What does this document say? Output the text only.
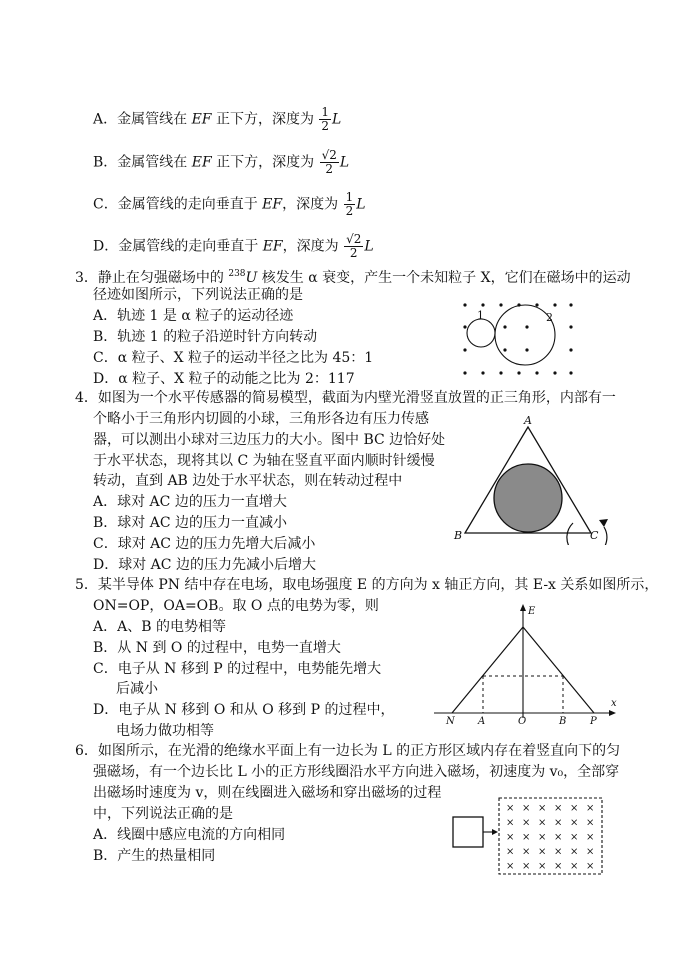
A．金属管线在 EF 正下方，深度为 $\frac{1}{2}$ L
B．金属管线在 EF 正下方，深度为 $\frac{√2}{2}$ L
C．金属管线的走向垂直于 EF，深度为 $\frac{1}{2}$ L
D．金属管线的走向垂直于 EF，深度为 $\frac{√2}{2}$ L
3．静止在匀强磁场中的 $^{238}$U 核发生 α 衰变，产生一个未知粒子 X，它们在磁场中的运动
径迹如图所示，下列说法正确的是
A．轨迹 1 是 α 粒子的运动径迹
B．轨迹 1 的粒子沿逆时针方向转动
C．α 粒子、X 粒子的运动半径之比为 45：1
D．α 粒子、X 粒子的动能之比为 2：117
1	2
4．如图为一个水平传感器的简易模型，截面为内壁光滑竖直放置的正三角形，内部有一
个略小于三角形内切圆的小球，三角形各边有压力传感
器，可以测出小球对三边压力的大小。图中 BC 边恰好处
于水平状态，现将其以 C 为轴在竖直平面内顺时针缓慢
转动，直到 AB 边处于水平状态，则在转动过程中
A．球对 AC 边的压力一直增大
B．球对 AC 边的压力一直减小
C．球对 AC 边的压力先增大后减小
D．球对 AC 边的压力先减小后增大
A
B	C
5．某半导体 PN 结中存在电场，取电场强度 E 的方向为 x 轴正方向，其 E-x 关系如图所示，
ON=OP，OA=OB。取 O 点的电势为零，则
A．A、B 的电势相等
B．从 N 到 O 的过程中，电势一直增大
C．电子从 N 移到 P 的过程中，电势能先增大
后减小
D．电子从 N 移到 O 和从 O 移到 P 的过程中，
电场力做功相等
E
x
N A	O	B P
6．如图所示，在光滑的绝缘水平面上有一边长为 L 的正方形区域内存在着竖直向下的匀
强磁场，有一个边长比 L 小的正方形线圈沿水平方向进入磁场，初速度为 v₀，全部穿
出磁场时速度为 v，则在线圈进入磁场和穿出磁场的过程
中，下列说法正确的是
A．线圈中感应电流的方向相同
B．产生的热量相同
× × × × × ×
× × × × × ×
× × × × × ×
× × × × × ×
× × × × × ×
